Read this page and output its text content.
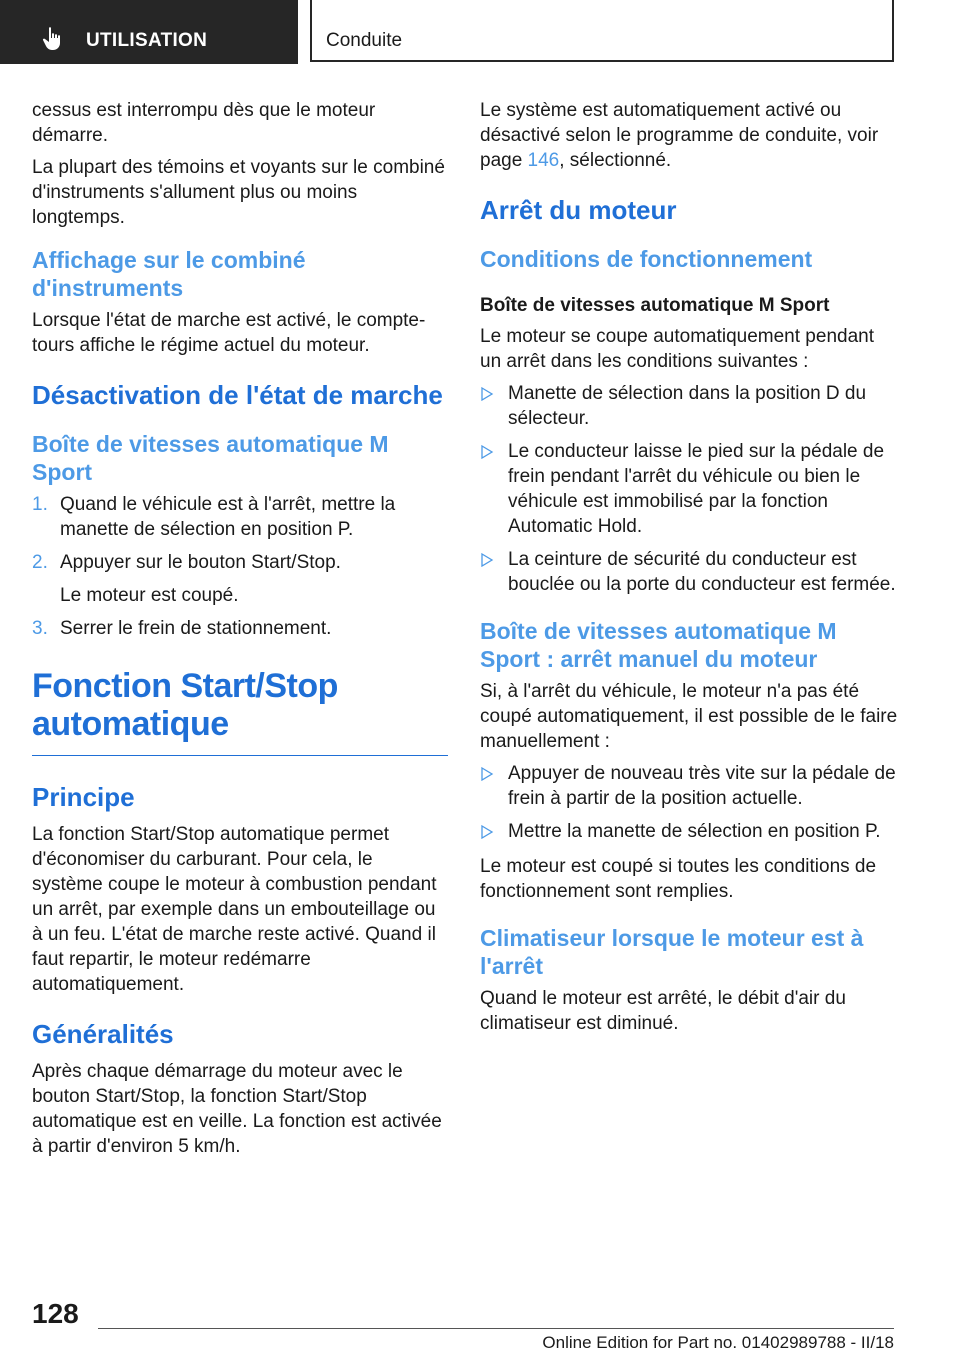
UTILISATION	Conduite

cessus est interrompu dès que le moteur démarre.

La plupart des témoins et voyants sur le combiné d'instruments s'allument plus ou moins longtemps.

Affichage sur le combiné d'instruments

Lorsque l'état de marche est activé, le compte-tours affiche le régime actuel du moteur.

Désactivation de l'état de marche
Boîte de vitesses automatique M Sport
1. Quand le véhicule est à l'arrêt, mettre la manette de sélection en position P.
2. Appuyer sur le bouton Start/Stop.
Le moteur est coupé.
3. Serrer le frein de stationnement.
Fonction Start/Stop automatique
Principe

La fonction Start/Stop automatique permet d'économiser du carburant. Pour cela, le système coupe le moteur à combustion pendant un arrêt, par exemple dans un embouteillage ou à un feu. L'état de marche reste activé. Quand il faut repartir, le moteur redémarre automatiquement.

Généralités

Après chaque démarrage du moteur avec le bouton Start/Stop, la fonction Start/Stop automatique est en veille. La fonction est activée à partir d'environ 5 km/h.

Le système est automatiquement activé ou désactivé selon le programme de conduite, voir page 146, sélectionné.

Arrêt du moteur
Conditions de fonctionnement
Boîte de vitesses automatique M Sport

Le moteur se coupe automatiquement pendant un arrêt dans les conditions suivantes :

Manette de sélection dans la position D du sélecteur.
Le conducteur laisse le pied sur la pédale de frein pendant l'arrêt du véhicule ou bien le véhicule est immobilisé par la fonction Automatic Hold.
La ceinture de sécurité du conducteur est bouclée ou la porte du conducteur est fermée.
Boîte de vitesses automatique M Sport : arrêt manuel du moteur

Si, à l'arrêt du véhicule, le moteur n'a pas été coupé automatiquement, il est possible de le faire manuellement :

Appuyer de nouveau très vite sur la pédale de frein à partir de la position actuelle.
Mettre la manette de sélection en position P.

Le moteur est coupé si toutes les conditions de fonctionnement sont remplies.

Climatiseur lorsque le moteur est à l'arrêt

Quand le moteur est arrêté, le débit d'air du climatiseur est diminué.

128
Online Edition for Part no. 01402989788 - II/18
